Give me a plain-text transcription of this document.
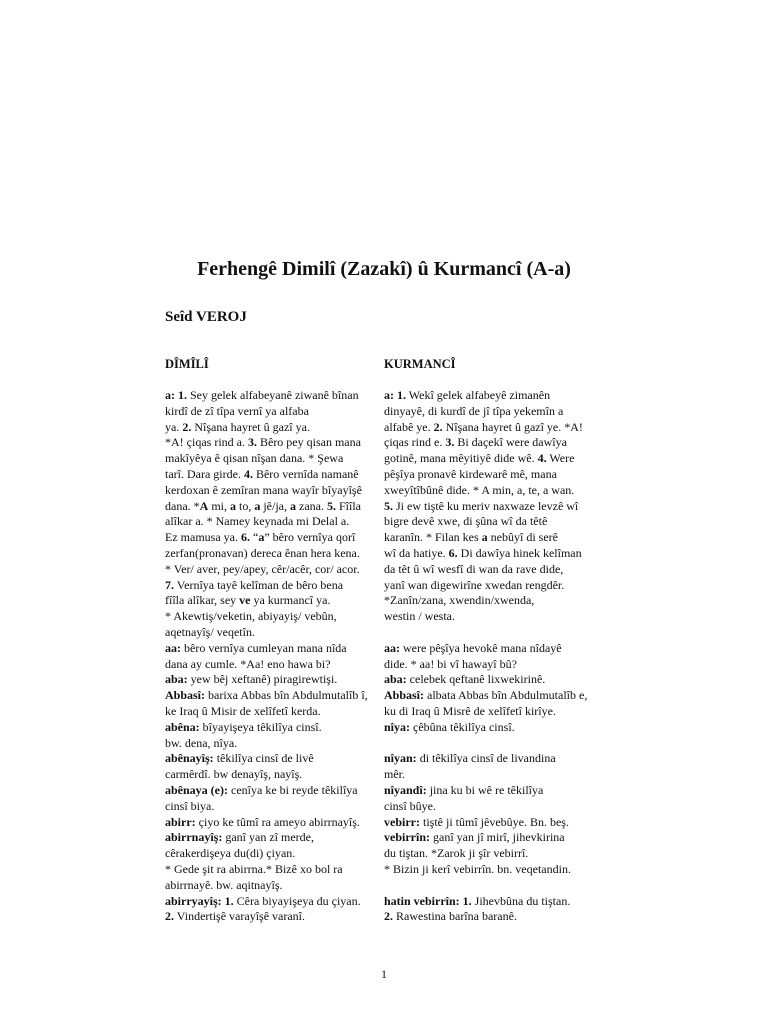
Ferhengê Dimilî (Zazakî) û Kurmancî (A-a)
Seîd VEROJ
DÎMÎLÎ	KURMANCÎ
a: 1. Sey gelek alfabeyanê ziwanê bînan
kirdî de zî tîpa vernî ya alfaba
ya. 2. Nîşana hayret û gazî ya.
*A! çiqas rind a. 3. Bêro pey qisan mana
makîyêya ê qisan nîşan dana. * Şewa
tarî. Dara girde. 4. Bêro vernîda namanê
kerdoxan ê zemîran mana wayîr bîyayîşê
dana. *A mi, a to, a jê/ja, a zana. 5. Fîîla
alîkar a. * Namey keynada mi Delal a.
Ez mamusa ya. 6. “a” bêro vernîya qorî
zerfan(pronavan) dereca ênan hera kena.
* Ver/ aver, pey/apey, cêr/acêr, cor/ acor.
7. Vernîya tayê kelîman de bêro bena
fîîla alîkar, sey ve ya kurmancî ya.
* Akewtiş/veketin, abiyayiş/ vebûn,
aqetnayîş/ veqetîn.
aa: bêro vernîya cumleyan mana nîda
dana ay cumle. *Aa! eno hawa bi?
aba: yew bêj xeftanê) piragirewtişi.
Abbasî: barixa Abbas bîn Abdulmutalîb î,
ke Iraq û Misir de xelîfetî kerda.
abêna: bîyayişeya têkilîya cinsî.
bw. dena, nîya.
abênayîş: têkilîya cinsî de livê
carmêrdî. bw denayîş, nayîş.
abênaya (e): cenîya ke bi reyde têkilîya
cinsî biya.
abirr: çiyo ke tûmî ra ameyo abirrnayîş.
abirrnayîş: ganî yan zî merde,
cêrakerdişeya du(di) çiyan.
* Gede şit ra abirrna.* Bizê xo bol ra
abirrnayê. bw. aqitnayîş.
abirryayîş: 1. Cêra biyayişeya du çiyan.
2. Vindertişê varayîşê varanî.
a: 1. Wekî gelek alfabeyê zimanên
dinyayê, di kurdî de jî tîpa yekemîn a
alfabê ye. 2. Nîşana hayret û gazî ye. *A!
çiqas rind e. 3. Bi daçekî were dawîya
gotinê, mana mêyitiyê dide wê. 4. Were
pêşîya pronavê kirdewarê mê, mana
xweyîtîbûnê dide. * A min, a, te, a wan.
5. Ji ew tiştê ku meriv naxwaze levzê wî
bigre devê xwe, di şûna wî da têtê
karanîn. * Filan kes a nebûyî di serê
wî da hatiye. 6. Di dawîya hinek kelîman
da têt û wî wesfî di wan da rave dide,
yanî wan digewirîne xwedan rengdêr.
*Zanîn/zana, xwendin/xwenda,
westin / westa.
aa: were pêşîya hevokê mana nîdayê
dide. * aa! bi vî hawayî bû?
aba: celebek qeftanê lixwekirinê.
Abbasî: albata Abbas bîn Abdulmutalîb e,
ku di Iraq û Misrê de xelîfetî kirîye.
nîya: çêbûna têkilîya cinsî.
nîyan: di têkilîya cinsî de livandina
mêr.
nîyandî: jina ku bi wê re têkilîya
cinsî bûye.
vebirr: tiştê ji tûmî jêvebûye. Bn. beş.
vebirrîn: ganî yan jî mirî, jihevkirina
du tiştan. *Zarok ji şîr vebirrî.
* Bizin ji kerî vebirrîn. bn. veqetandin.
hatin vebirrîn: 1. Jihevbûna du tiştan.
2. Rawestina barîna baranê.
1
